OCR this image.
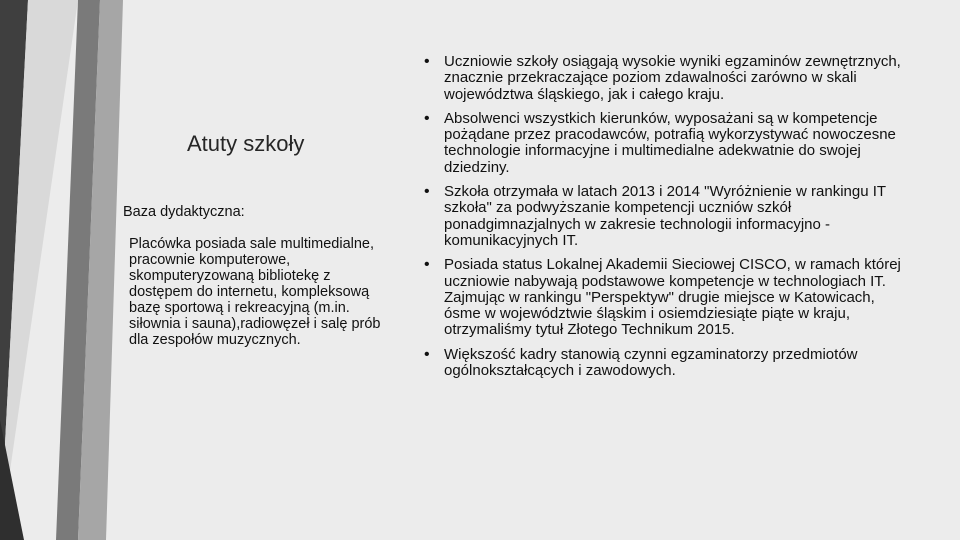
Atuty szkoły

Baza dydaktyczna:

Placówka posiada sale multimedialne, pracownie komputerowe, skomputeryzowaną bibliotekę z dostępem do internetu, kompleksową bazę sportową i rekreacyjną (m.in. siłownia i sauna),radiowęzeł i salę prób dla zespołów muzycznych.

• Uczniowie szkoły osiągają wysokie wyniki egzaminów zewnętrznych, znacznie przekraczające poziom zdawalności zarówno w skali województwa śląskiego, jak i całego kraju.
• Absolwenci wszystkich kierunków, wyposażani są w kompetencje pożądane przez pracodawców, potrafią wykorzystywać nowoczesne technologie informacyjne i multimedialne adekwatnie do swojej dziedziny.
• Szkoła otrzymała w latach 2013 i 2014 "Wyróżnienie w rankingu IT szkoła" za podwyższanie kompetencji uczniów szkół ponadgimnazjalnych w zakresie technologii informacyjno - komunikacyjnych IT.
• Posiada status Lokalnej Akademii Sieciowej CISCO, w ramach której uczniowie nabywają podstawowe kompetencje w technologiach IT. Zajmując w rankingu "Perspektyw" drugie miejsce w Katowicach, ósme w województwie śląskim i osiemdziesiąte piąte w kraju, otrzymaliśmy tytuł Złotego Technikum 2015.
• Większość kadry stanowią czynni egzaminatorzy przedmiotów ogólnokształcących i zawodowych.
